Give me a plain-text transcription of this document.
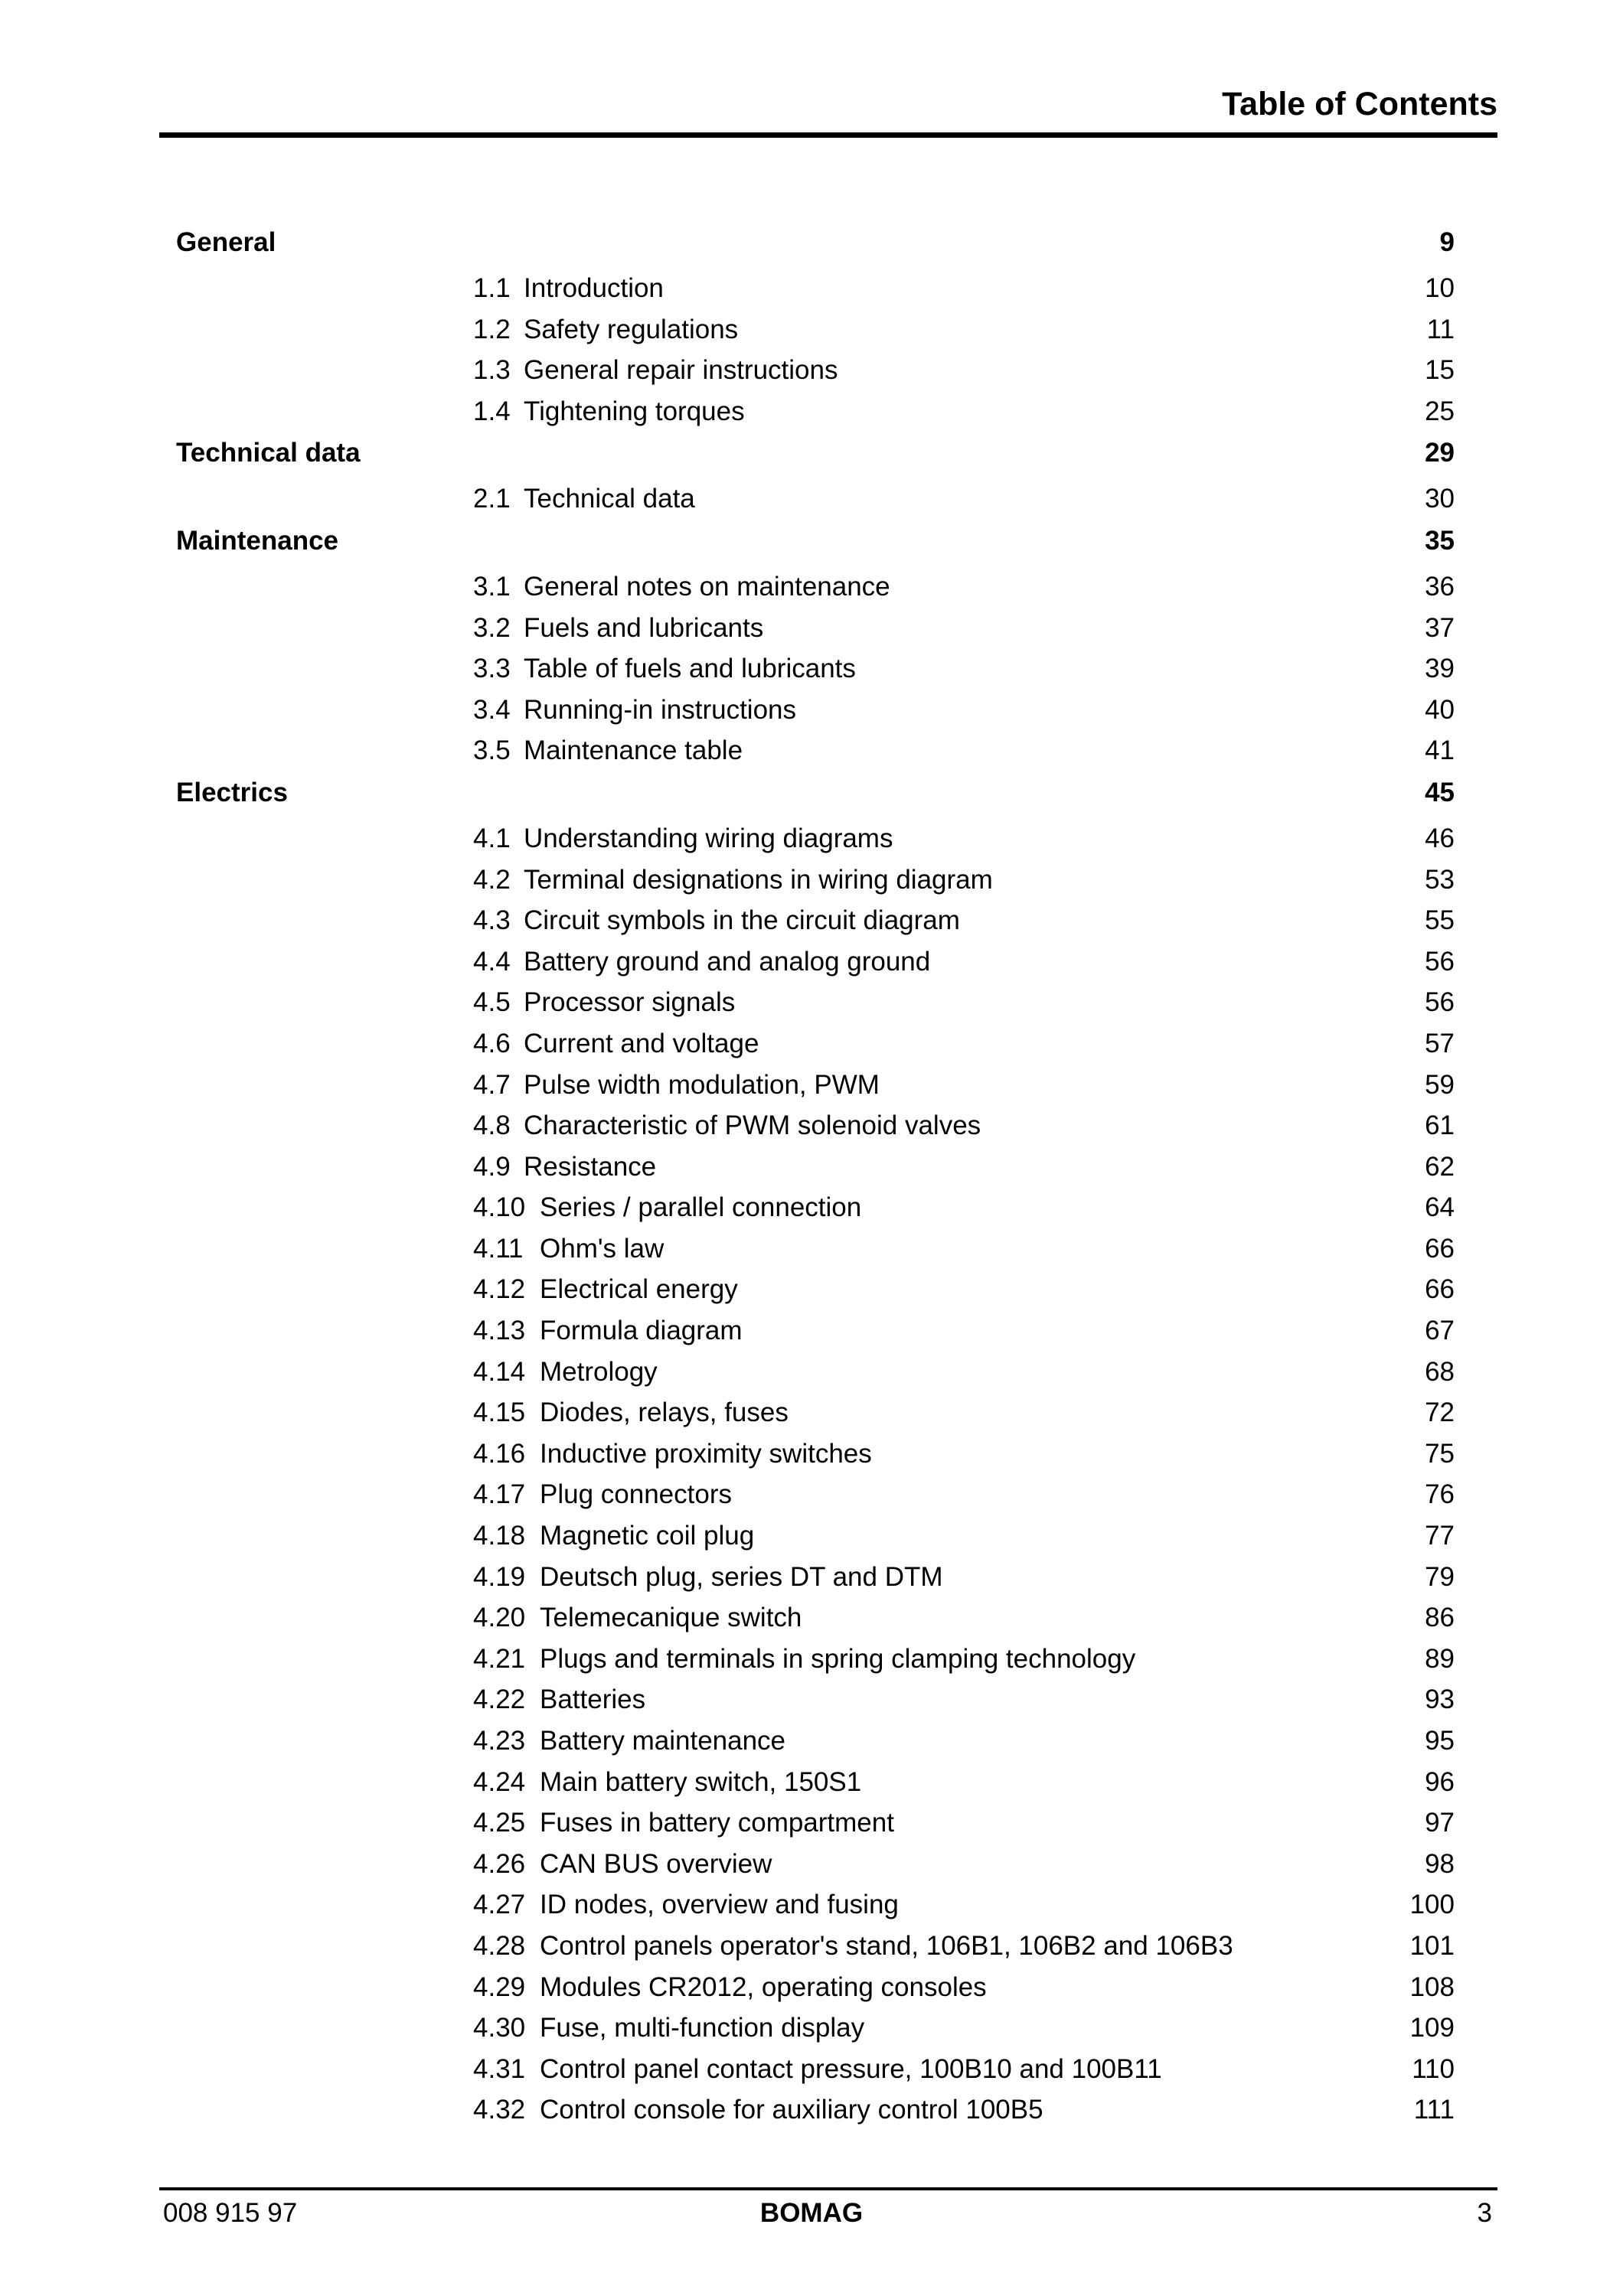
Table of Contents
General	9
1.1 Introduction	10
1.2 Safety regulations	11
1.3 General repair instructions	15
1.4 Tightening torques	25
Technical data	29
2.1 Technical data	30
Maintenance	35
3.1 General notes on maintenance	36
3.2 Fuels and lubricants	37
3.3 Table of fuels and lubricants	39
3.4 Running-in instructions	40
3.5 Maintenance table	41
Electrics	45
4.1 Understanding wiring diagrams	46
4.2 Terminal designations in wiring diagram	53
4.3 Circuit symbols in the circuit diagram	55
4.4 Battery ground and analog ground	56
4.5 Processor signals	56
4.6 Current and voltage	57
4.7 Pulse width modulation, PWM	59
4.8 Characteristic of PWM solenoid valves	61
4.9 Resistance	62
4.10 Series / parallel connection	64
4.11 Ohm's law	66
4.12 Electrical energy	66
4.13 Formula diagram	67
4.14 Metrology	68
4.15 Diodes, relays, fuses	72
4.16 Inductive proximity switches	75
4.17 Plug connectors	76
4.18 Magnetic coil plug	77
4.19 Deutsch plug, series DT and DTM	79
4.20 Telemecanique switch	86
4.21 Plugs and terminals in spring clamping technology	89
4.22 Batteries	93
4.23 Battery maintenance	95
4.24 Main battery switch, 150S1	96
4.25 Fuses in battery compartment	97
4.26 CAN BUS overview	98
4.27 ID nodes, overview and fusing	100
4.28 Control panels operator's stand, 106B1, 106B2 and 106B3	101
4.29 Modules CR2012, operating consoles	108
4.30 Fuse, multi-function display	109
4.31 Control panel contact pressure, 100B10 and 100B11	110
4.32 Control console for auxiliary control 100B5	111
008 915 97	BOMAG	3
